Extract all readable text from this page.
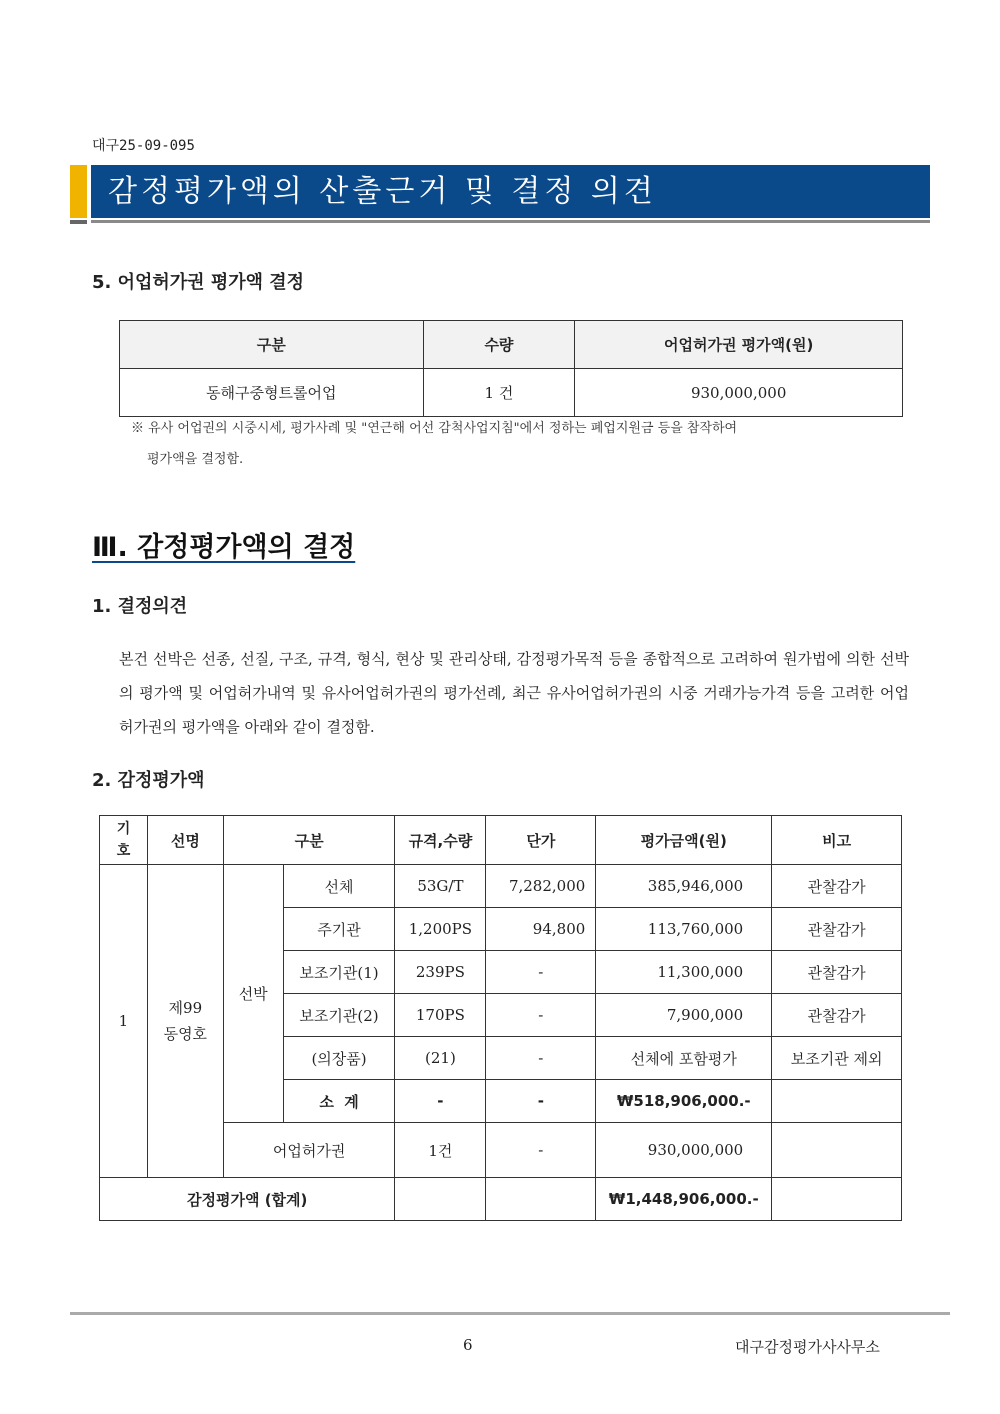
대구25-09-095
감정평가액의 산출근거 및 결정 의견
5. 어업허가권 평가액 결정
구분	수량	어업허가권 평가액(원)
동해구중형트롤어업	1 건	930,000,000
※ 유사 어업권의 시중시세, 평가사례 및 "연근해 어선 감척사업지침"에서 정하는 폐업지원금 등을 참작하여
평가액을 결정함.
Ⅲ. 감정평가액의 결정
1. 결정의견
본건 선박은 선종, 선질, 구조, 규격, 형식, 현상 및 관리상태, 감정평가목적 등을 종합적으로 고려하여 원가법에 의한 선박의 평가액 및 어업허가내역 및 유사어업허가권의 평가선례, 최근 유사어업허가권의 시중 거래가능가격 등을 고려한 어업허가권의 평가액을 아래와 같이 결정함.
2. 감정평가액
기호	선명	구분		규격,수량	단가	평가금액(원)	비고
1	제99
동영호	선박	선체	53G/T	7,282,000	385,946,000	관찰감가
			주기관	1,200PS	94,800	113,760,000	관찰감가
			보조기관(1)	239PS	-	11,300,000	관찰감가
			보조기관(2)	170PS	-	7,900,000	관찰감가
			(의장품)	(21)	-	선체에 포함평가	보조기관 제외
			소  계	-	-	₩518,906,000.-	
		어업허가권		1건	-	930,000,000	
감정평가액 (합계)						₩1,448,906,000.-	
6	대구감정평가사사무소
